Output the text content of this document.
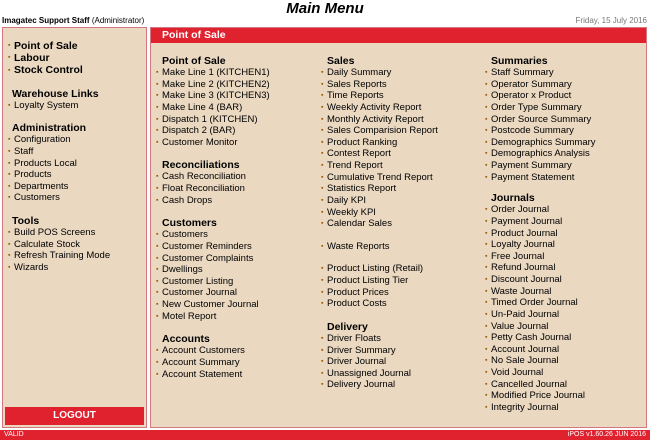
Main Menu
Imagatec Support Staff (Administrator)	Friday, 15 July 2016
▪ Point of Sale
▪ Labour
▪ Stock Control
Warehouse Links
▪ Loyalty System
Administration
▪ Configuration
▪ Staff
▪ Products Local
▪ Products
▪ Departments
▪ Customers
Tools
▪ Build POS Screens
▪ Calculate Stock
▪ Refresh Training Mode
▪ Wizards
LOGOUT
Point of Sale
Point of Sale
▪ Make Line 1 (KITCHEN1)
▪ Make Line 2 (KITCHEN2)
▪ Make Line 3 (KITCHEN3)
▪ Make Line 4 (BAR)
▪ Dispatch 1 (KITCHEN)
▪ Dispatch 2 (BAR)
▪ Customer Monitor
Reconciliations
▪ Cash Reconciliation
▪ Float Reconciliation
▪ Cash Drops
Customers
▪ Customers
▪ Customer Reminders
▪ Customer Complaints
▪ Dwellings
▪ Customer Listing
▪ Customer Journal
▪ New Customer Journal
▪ Motel Report
Accounts
▪ Account Customers
▪ Account Summary
▪ Account Statement
Sales
▪ Daily Summary
▪ Sales Reports
▪ Time Reports
▪ Weekly Activity Report
▪ Monthly Activity Report
▪ Sales Comparision Report
▪ Product Ranking
▪ Contest Report
▪ Trend Report
▪ Cumulative Trend Report
▪ Statistics Report
▪ Daily KPI
▪ Weekly KPI
▪ Calendar Sales
▪ Waste Reports
▪ Product Listing (Retail)
▪ Product Listing Tier
▪ Product Prices
▪ Product Costs
Delivery
▪ Driver Floats
▪ Driver Summary
▪ Driver Journal
▪ Unassigned Journal
▪ Delivery Journal
Summaries
▪ Staff Summary
▪ Operator Summary
▪ Operator x Product
▪ Order Type Summary
▪ Order Source Summary
▪ Postcode Summary
▪ Demographics Summary
▪ Demographics Analysis
▪ Payment Summary
▪ Payment Statement
Journals
▪ Order Journal
▪ Payment Journal
▪ Product Journal
▪ Loyalty Journal
▪ Free Journal
▪ Refund Journal
▪ Discount Journal
▪ Waste Journal
▪ Timed Order Journal
▪ Un-Paid Journal
▪ Value Journal
▪ Petty Cash Journal
▪ Account Journal
▪ No Sale Journal
▪ Void Journal
▪ Cancelled Journal
▪ Modified Price Journal
▪ Integrity Journal
VALID	iPOS v1.60.26 JUN 2016
